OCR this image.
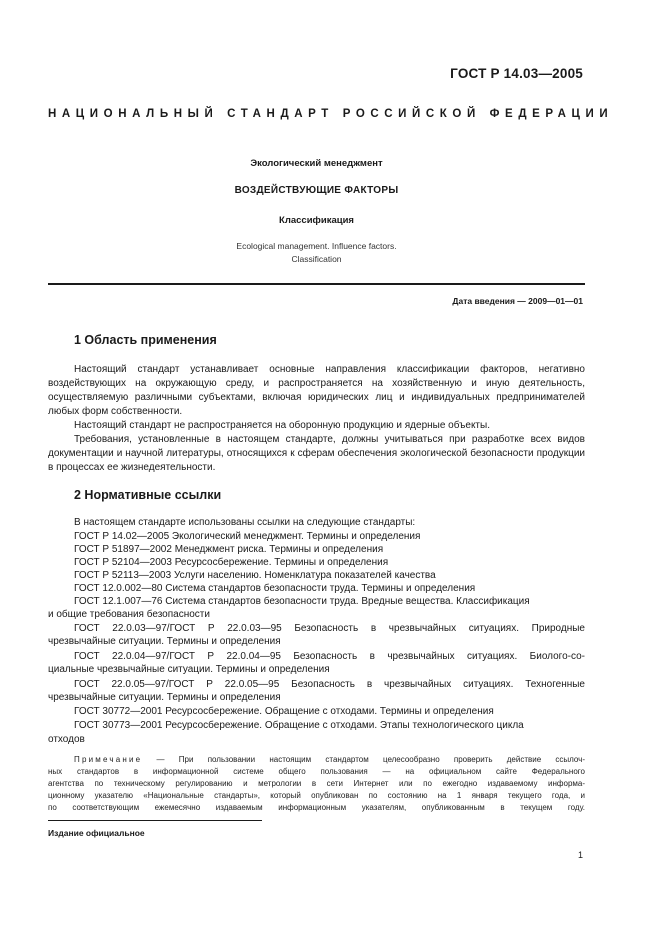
ГОСТ Р 14.03—2005
НАЦИОНАЛЬНЫЙ СТАНДАРТ РОССИЙСКОЙ ФЕДЕРАЦИИ
Экологический менеджмент
ВОЗДЕЙСТВУЮЩИЕ ФАКТОРЫ
Классификация
Ecological management. Influence factors.
Classification
Дата введения — 2009—01—01
1 Область применения
Настоящий стандарт устанавливает основные направления классификации факторов, негативно воздействующих на окружающую среду, и распространяется на хозяйственную и иную деятельность, осуществляемую различными субъектами, включая юридических лиц и индивидуальных предпринимателей любых форм собственности.
Настоящий стандарт не распространяется на оборонную продукцию и ядерные объекты.
Требования, установленные в настоящем стандарте, должны учитываться при разработке всех видов документации и научной литературы, относящихся к сферам обеспечения экологической безопасности продукции в процессах ее жизнедеятельности.
2 Нормативные ссылки
В настоящем стандарте использованы ссылки на следующие стандарты:
ГОСТ Р 14.02—2005 Экологический менеджмент. Термины и определения
ГОСТ Р 51897—2002 Менеджмент риска. Термины и определения
ГОСТ Р 52104—2003 Ресурсосбережение. Термины и определения
ГОСТ Р 52113—2003 Услуги населению. Номенклатура показателей качества
ГОСТ 12.0.002—80 Система стандартов безопасности труда. Термины и определения
ГОСТ 12.1.007—76 Система стандартов безопасности труда. Вредные вещества. Классификация
и общие требования безопасности
ГОСТ 22.0.03—97/ГОСТ Р 22.0.03—95 Безопасность в чрезвычайных ситуациях. Природные
чрезвычайные ситуации. Термины и определения
ГОСТ 22.0.04—97/ГОСТ Р 22.0.04—95 Безопасность в чрезвычайных ситуациях. Биолого-со-
циальные чрезвычайные ситуации. Термины и определения
ГОСТ 22.0.05—97/ГОСТ Р 22.0.05—95 Безопасность в чрезвычайных ситуациях. Техногенные
чрезвычайные ситуации. Термины и определения
ГОСТ 30772—2001 Ресурсосбережение. Обращение с отходами. Термины и определения
ГОСТ 30773—2001 Ресурсосбережение. Обращение с отходами. Этапы технологического цикла
отходов
Примечание — При пользовании настоящим стандартом целесообразно проверить действие ссылоч-
ных стандартов в информационной системе общего пользования — на официальном сайте Федерального
агентства по техническому регулированию и метрологии в сети Интернет или по ежегодно издаваемому информа-
ционному указателю «Национальные стандарты», который опубликован по состоянию на 1 января текущего года, и
по соответствующим ежемесячно издаваемым информационным указателям, опубликованным в текущем году.
Издание официальное
1
